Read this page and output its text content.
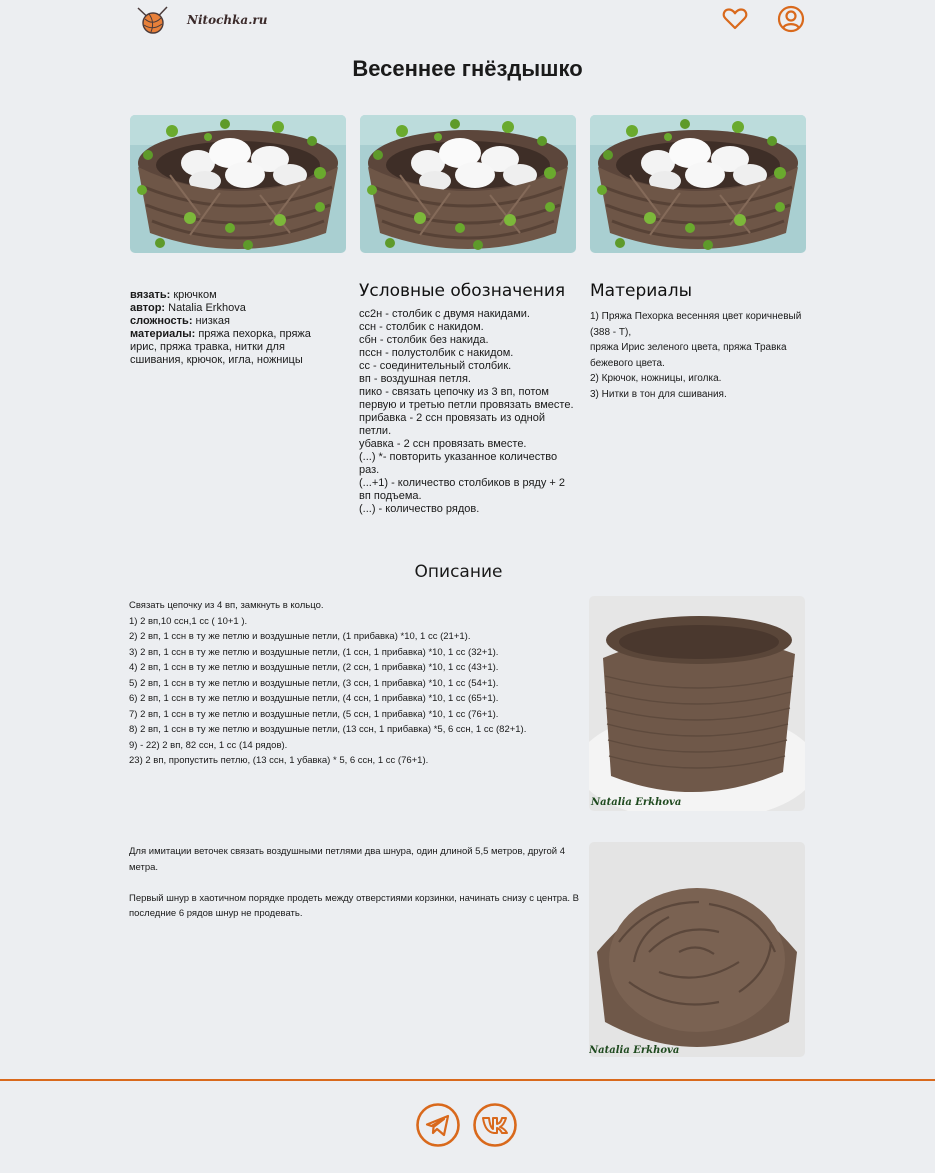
Nitochka.ru
Весеннее гнёздышко
вязать: крючком
автор: Natalia Erkhova
сложность: низкая
материалы: пряжа пехорка, пряжа ирис, пряжа травка, нитки для сшивания, крючок, игла, ножницы
Условные обозначения
сс2н - столбик с двумя накидами.
ссн - столбик с накидом.
сбн - столбик без накида.
пссн - полустолбик с накидом.
сс - соединительный столбик.
вп - воздушная петля.
пико - связать цепочку из 3 вп, потом первую и третью петли провязать вместе.
прибавка - 2 ссн провязать из одной петли.
убавка - 2 ссн провязать вместе.
(...) *- повторить указанное количество раз.
(...+1) - количество столбиков в ряду + 2 вп подъема.
(...) - количество рядов.
Материалы
1) Пряжа Пехорка весенняя цвет коричневый (388 - Т),
пряжа Ирис зеленого цвета, пряжа Травка бежевого цвета.
2) Крючок, ножницы, иголка.
3) Нитки в тон для сшивания.
Описание
Связать цепочку из 4 вп, замкнуть в кольцо.
1) 2 вп,10 ссн,1 сс ( 10+1 ).
2) 2 вп, 1 ссн в ту же петлю и воздушные петли, (1 прибавка) *10, 1 сс (21+1).
3) 2 вп, 1 ссн в ту же петлю и воздушные петли, (1 ссн, 1 прибавка) *10, 1 сс (32+1).
4) 2 вп, 1 ссн в ту же петлю и воздушные петли, (2 ссн, 1 прибавка) *10, 1 сс (43+1).
5) 2 вп, 1 ссн в ту же петлю и воздушные петли, (3 ссн, 1 прибавка) *10, 1 сс (54+1).
6) 2 вп, 1 ссн в ту же петлю и воздушные петли, (4 ссн, 1 прибавка) *10, 1 сс (65+1).
7) 2 вп, 1 ссн в ту же петлю и воздушные петли, (5 ссн, 1 прибавка) *10, 1 сс (76+1).
8) 2 вп, 1 ссн в ту же петлю и воздушные петли, (13 ссн, 1 прибавка) *5, 6 ссн, 1 сс (82+1).
9) - 22) 2 вп, 82 ссн, 1 сс (14 рядов).
23) 2 вп, пропустить петлю, (13 ссн, 1 убавка) * 5, 6 ссн, 1 сс (76+1).
Natalia Erkhova

Для имитации веточек связать воздушными петлями два шнура, один длиной 5,5 метров, другой 4 метра.

Первый шнур в хаотичном порядке продеть между отверстиями корзинки, начинать снизу с центра. В последние 6 рядов шнур не продевать.

Natalia Erkhova
